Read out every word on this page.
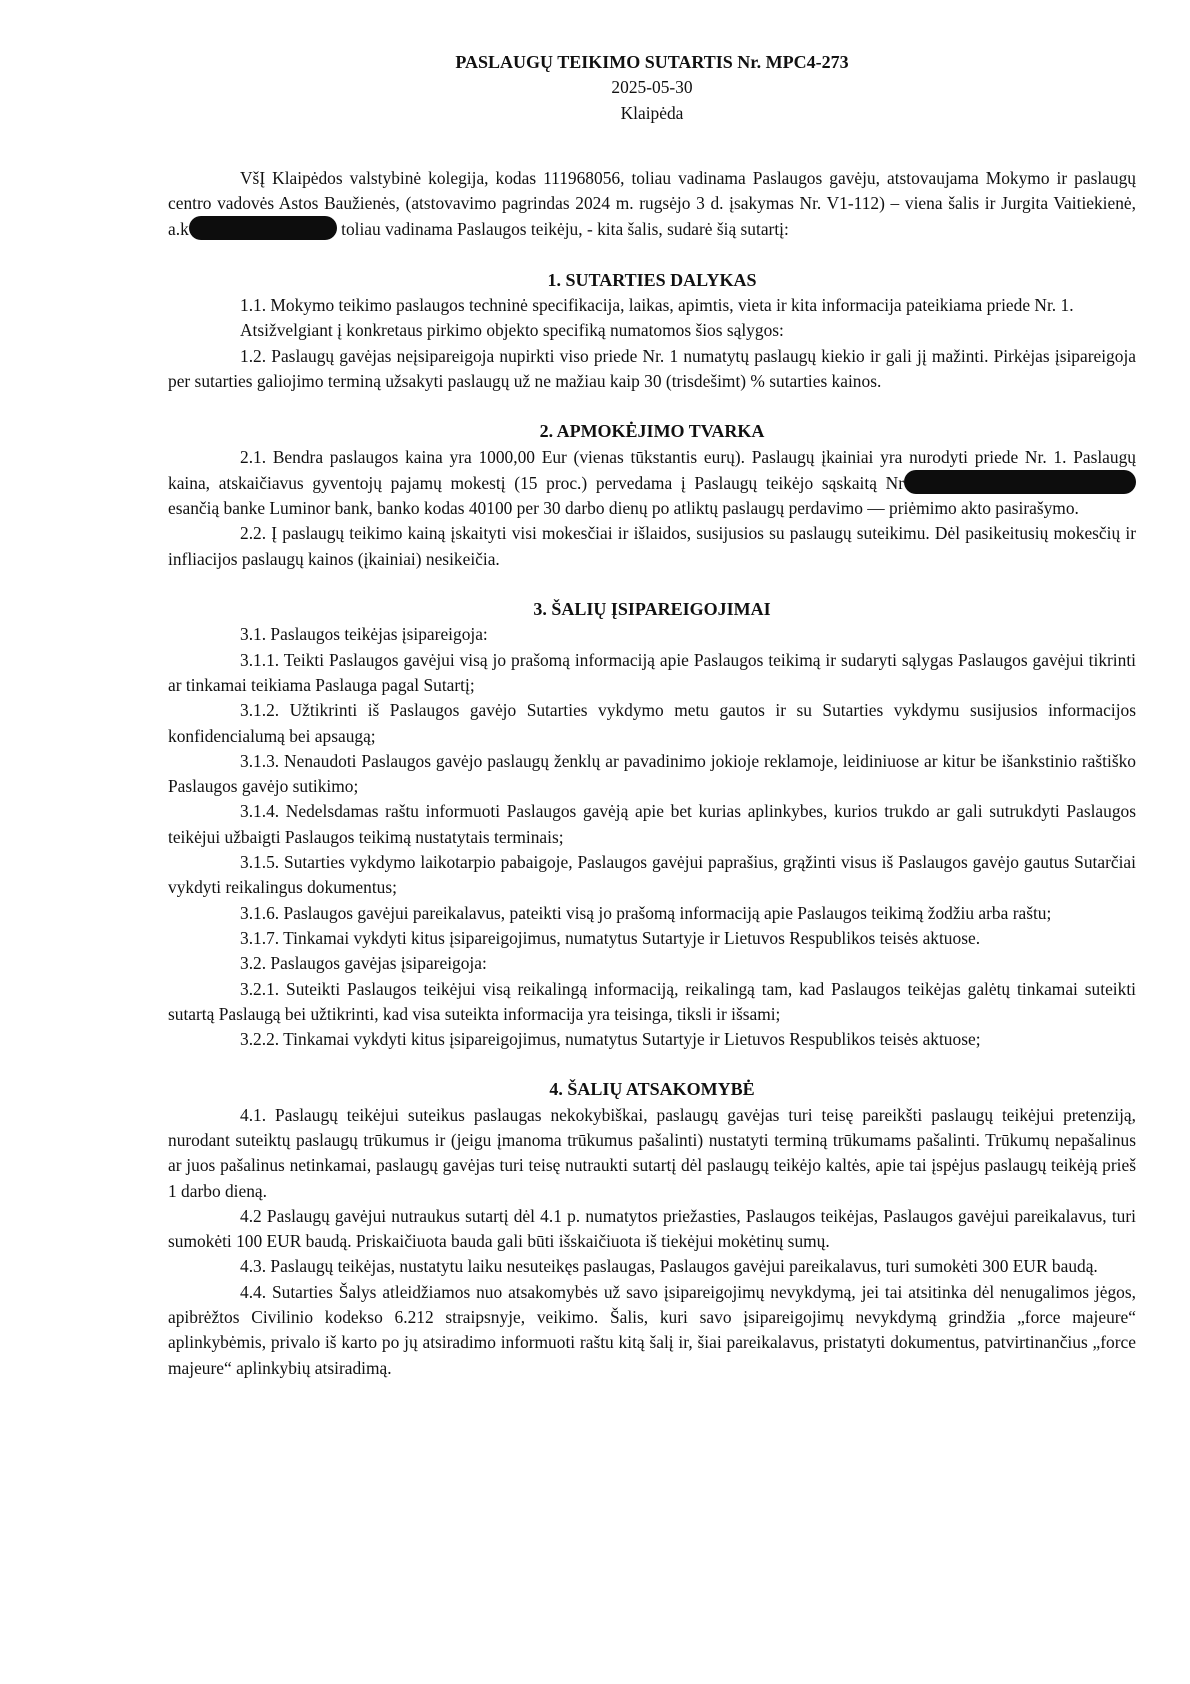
PASLAUGŲ TEIKIMO SUTARTIS Nr. MPC4-273

2025-05-30

Klaipėda

VšĮ Klaipėdos valstybinė kolegija, kodas 111968056, toliau vadinama Paslaugos gavėju, atstovaujama Mokymo ir paslaugų centro vadovės Astos Baužienės, (atstovavimo pagrindas 2024 m. rugsėjo 3 d. įsakymas Nr. V1-112) – viena šalis ir Jurgita Vaitiekienė, a.k	toliau vadinama Paslaugos teikėju, - kita šalis, sudarė šią sutartį:

1. SUTARTIES DALYKAS

1.1. Mokymo teikimo paslaugos techninė specifikacija, laikas, apimtis, vieta ir kita informacija pateikiama priede Nr. 1.

Atsižvelgiant į konkretaus pirkimo objekto specifiką numatomos šios sąlygos:

1.2. Paslaugų gavėjas neįsipareigoja nupirkti viso priede Nr. 1 numatytų paslaugų kiekio ir gali jį mažinti. Pirkėjas įsipareigoja per sutarties galiojimo terminą užsakyti paslaugų už ne mažiau kaip 30 (trisdešimt) % sutarties kainos.

2. APMOKĖJIMO TVARKA

2.1. Bendra paslaugos kaina yra 1000,00 Eur (vienas tūkstantis eurų). Paslaugų įkainiai yra nurodyti priede Nr. 1. Paslaugų kaina, atskaičiavus gyventojų pajamų mokestį (15 proc.) pervedama į Paslaugų teikėjo sąskaitą Nr esančią banke Luminor bank, banko kodas 40100 per 30 darbo dienų po atliktų paslaugų perdavimo — priėmimo akto pasirašymo.

2.2. Į paslaugų teikimo kainą įskaityti visi mokesčiai ir išlaidos, susijusios su paslaugų suteikimu. Dėl pasikeitusių mokesčių ir infliacijos paslaugų kainos (įkainiai) nesikeičia.

3. ŠALIŲ ĮSIPAREIGOJIMAI

3.1. Paslaugos teikėjas įsipareigoja:

3.1.1. Teikti Paslaugos gavėjui visą jo prašomą informaciją apie Paslaugos teikimą ir sudaryti sąlygas Paslaugos gavėjui tikrinti ar tinkamai teikiama Paslauga pagal Sutartį;

3.1.2. Užtikrinti iš Paslaugos gavėjo Sutarties vykdymo metu gautos ir su Sutarties vykdymu susijusios informacijos konfidencialumą bei apsaugą;

3.1.3. Nenaudoti Paslaugos gavėjo paslaugų ženklų ar pavadinimo jokioje reklamoje, leidiniuose ar kitur be išankstinio raštiško Paslaugos gavėjo sutikimo;

3.1.4. Nedelsdamas raštu informuoti Paslaugos gavėją apie bet kurias aplinkybes, kurios trukdo ar gali sutrukdyti Paslaugos teikėjui užbaigti Paslaugos teikimą nustatytais terminais;

3.1.5. Sutarties vykdymo laikotarpio pabaigoje, Paslaugos gavėjui paprašius, grąžinti visus iš Paslaugos gavėjo gautus Sutarčiai vykdyti reikalingus dokumentus;

3.1.6. Paslaugos gavėjui pareikalavus, pateikti visą jo prašomą informaciją apie Paslaugos teikimą žodžiu arba raštu;

3.1.7. Tinkamai vykdyti kitus įsipareigojimus, numatytus Sutartyje ir Lietuvos Respublikos teisės aktuose.

3.2. Paslaugos gavėjas įsipareigoja:

3.2.1. Suteikti Paslaugos teikėjui visą reikalingą informaciją, reikalingą tam, kad Paslaugos teikėjas galėtų tinkamai suteikti sutartą Paslaugą bei užtikrinti, kad visa suteikta informacija yra teisinga, tiksli ir išsami;

3.2.2. Tinkamai vykdyti kitus įsipareigojimus, numatytus Sutartyje ir Lietuvos Respublikos teisės aktuose;

4. ŠALIŲ ATSAKOMYBĖ

4.1. Paslaugų teikėjui suteikus paslaugas nekokybiškai, paslaugų gavėjas turi teisę pareikšti paslaugų teikėjui pretenziją, nurodant suteiktų paslaugų trūkumus ir (jeigu įmanoma trūkumus pašalinti) nustatyti terminą trūkumams pašalinti. Trūkumų nepašalinus ar juos pašalinus netinkamai, paslaugų gavėjas turi teisę nutraukti sutartį dėl paslaugų teikėjo kaltės, apie tai įspėjus paslaugų teikėją prieš 1 darbo dieną.

4.2 Paslaugų gavėjui nutraukus sutartį dėl 4.1 p. numatytos priežasties, Paslaugos teikėjas, Paslaugos gavėjui pareikalavus, turi sumokėti 100 EUR baudą. Priskaičiuota bauda gali būti išskaičiuota iš tiekėjui mokėtinų sumų.

4.3. Paslaugų teikėjas, nustatytu laiku nesuteikęs paslaugas, Paslaugos gavėjui pareikalavus, turi sumokėti 300 EUR baudą.

4.4. Sutarties Šalys atleidžiamos nuo atsakomybės už savo įsipareigojimų nevykdymą, jei tai atsitinka dėl nenugalimos jėgos, apibrėžtos Civilinio kodekso 6.212 straipsnyje, veikimo. Šalis, kuri savo įsipareigojimų nevykdymą grindžia „force majeure“ aplinkybėmis, privalo iš karto po jų atsiradimo informuoti raštu kitą šalį ir, šiai pareikalavus, pristatyti dokumentus, patvirtinančius „force majeure“ aplinkybių atsiradimą.
